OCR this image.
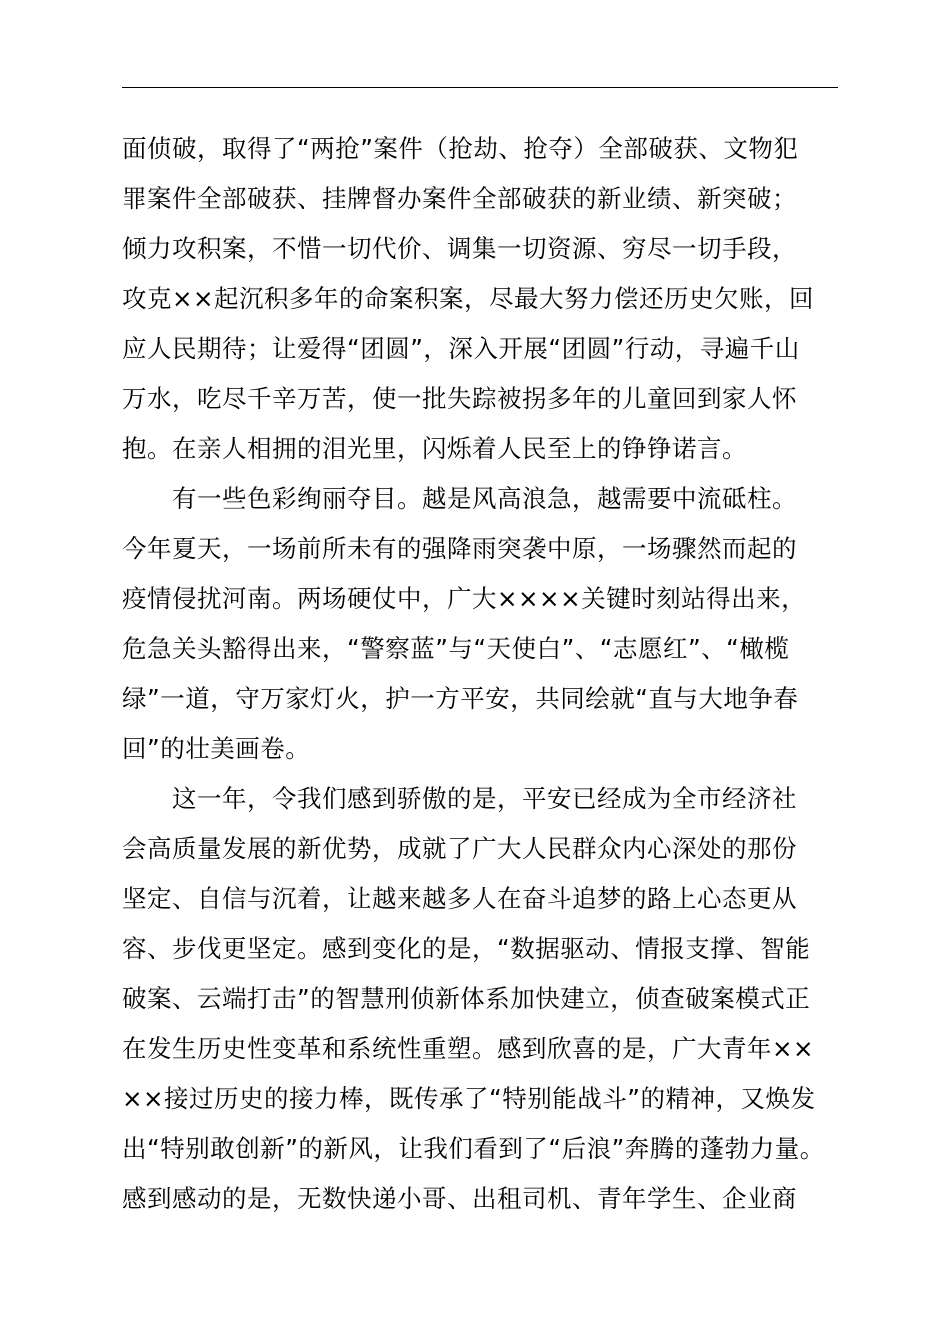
面侦破，取得了“两抢”案件（抢劫、抢夺）全部破获、文物犯
罪案件全部破获、挂牌督办案件全部破获的新业绩、新突破；
倾力攻积案，不惜一切代价、调集一切资源、穷尽一切手段，
攻克××起沉积多年的命案积案，尽最大努力偿还历史欠账，回
应人民期待；让爱得“团圆”，深入开展“团圆”行动，寻遍千山
万水，吃尽千辛万苦，使一批失踪被拐多年的儿童回到家人怀
抱。在亲人相拥的泪光里，闪烁着人民至上的铮铮诺言。
有一些色彩绚丽夺目。越是风高浪急，越需要中流砥柱。
今年夏天，一场前所未有的强降雨突袭中原，一场骤然而起的
疫情侵扰河南。两场硬仗中，广大××××关键时刻站得出来，
危急关头豁得出来，“警察蓝”与“天使白”、“志愿红”、“橄榄
绿”一道，守万家灯火，护一方平安，共同绘就“直与大地争春
回”的壮美画卷。
这一年，令我们感到骄傲的是，平安已经成为全市经济社
会高质量发展的新优势，成就了广大人民群众内心深处的那份
坚定、自信与沉着，让越来越多人在奋斗追梦的路上心态更从
容、步伐更坚定。感到变化的是，“数据驱动、情报支撑、智能
破案、云端打击”的智慧刑侦新体系加快建立，侦查破案模式正
在发生历史性变革和系统性重塑。感到欣喜的是，广大青年××
××接过历史的接力棒，既传承了“特别能战斗”的精神，又焕发
出“特别敢创新”的新风，让我们看到了“后浪”奔腾的蓬勃力量。
感到感动的是，无数快递小哥、出租司机、青年学生、企业商
